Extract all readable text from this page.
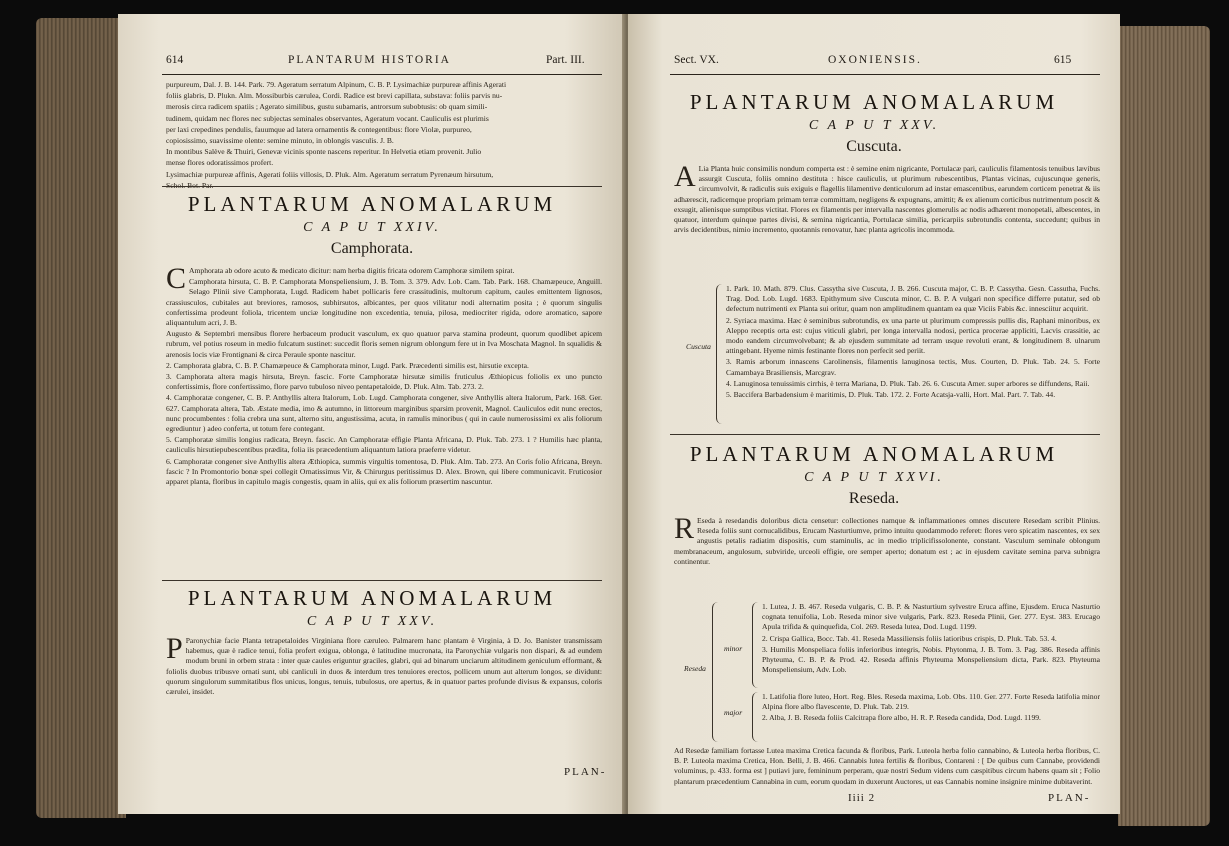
614	PLANTARUM HISTORIA	Part. III.

purpureum, Dal. J. B. 144. Park. 79. Ageratum serratum Alpinum, C. B. P. Lysimachiæ purpureæ affinis Agerati

foliis glabris, D. Plukn. Alm. Mossiburbis cærulea, Cordi. Radice est brevi capillata, substava: foliis parvis nu-

merosis circa radicem spatiis ; Agerato similibus, gustu subamaris, antrorsum subobtusis: ob quam simili-

tudinem, quidam nec flores nec subjectas seminales observantes, Ageratum vocant. Cauliculis est plurimis

per laxi crepedines pendulis, fauumque ad latera ornamentis & contegentibus: flore Violæ, purpureo,

copiosissimo, suavissime olente: semine minuto, in oblongis vasculis. J. B.

In montibus Salève & Thuiri, Genevæ vicinis sponte nascens reperitur. In Helvetia etiam provenit. Julio

mense flores odoratissimos profert.

Lysimachiæ purpureæ affinis, Agerati foliis villosis, D. Pluk. Alm. Ageratum serratum Pyrenæum hirsutum,

Schol. Bot. Par.

PLANTARUM ANOMALARUM
C A P U T XXIV.
Camphorata.

C Amphorata ab odore acuto & medicato dicitur: nam herba digitis fricata odorem Camphoræ similem spirat.

Camphorata hirsuta, C. B. P. Camphorata Monspeliensium, J. B. Tom. 3. 379. Adv. Lob. Cam. Tab. Park. 168. Chamæpeuce, Anguill. Selago Plinii sive Camphorata, Lugd. Radicem habet pollicaris fere crassitudinis, multorum capitum, caules emittentem lignosos, crassiusculos, cubitales aut breviores, ramosos, subhirsutos, albicantes, per quos vilitatur nodi alternatim posita ; è quorum singulis confertissima prodeunt foliola, tricentem unciæ longitudine non excedentia, tenuia, pilosa, mediocriter rigida, odore aromatico, sapore aliquantulum acri, J. B.

Augusto & Septembri mensibus florere herbaceum producit vasculum, ex quo quatuor parva stamina prodeunt, quorum quodlibet apicem rubrum, vel potius roseum in medio fulcatum sustinet: succedit floris semen nigrum oblongum fere ut in Iva Moschata Magnol. In squalidis & arenosis locis viæ Frontignani & circa Peraule sponte nascitur.

2. Camphorata glabra, C. B. P. Chamæpeuce & Camphorata minor, Lugd. Park. Præcedenti similis est, hirsutie excepta.

3. Camphorata altera magis hirsuta, Breyn. fascic. Forte Camphoratæ hirsutæ similis fruticulus Æthiopicus foliolis ex uno puncto confertissimis, flore confertissimo, flore parvo tubuloso niveo pentapetaloide, D. Pluk. Alm. Tab. 273. 2.

4. Camphoratæ congener, C. B. P. Anthyllis altera Italorum, Lob. Lugd. Camphorata congener, sive Anthyllis altera Italorum, Park. 168. Ger. 627. Camphorata altera, Tab. Æstate media, imo & autumno, in littoreum marginibus sparsim provenit, Magnol. Cauliculos edit nunc erectos, nunc procumbentes : folia crebra una sunt, alterno situ, angustissima, acuta, in ramulis minoribus ( qui in caule numerosissimi ex alis foliorum egrediuntur ) adeo conferta, ut totum fere contegant.

5. Camphoratæ similis longius radicata, Breyn. fascic. An Camphoratæ effigie Planta Africana, D. Pluk. Tab. 273. 1 ? Humilis hæc planta, cauliculis hirsutiepubescentibus prædita, folia iis præcedentium aliquantum latiora praeferre videtur.

6. Camphoratæ congener sive Anthyllis altera Æthiopica, summis virgultis tomentosa, D. Pluk. Alm. Tab. 273. An Coris folio Africana, Breyn. fascic ? In Promontorio bonæ spei collegit Ornatissimus Vir, & Chirurgus peritissimus D. Alex. Brown, qui libere communicavit. Fruticosior apparet planta, floribus in capitulo magis congestis, quam in aliis, qui ex alis foliorum præsertim nascuntur.

PLANTARUM ANOMALARUM
C A P U T XXV.

P Paronychiæ facie Planta tetrapetaloides Virginiana flore cæruleo. Palmarem hanc plantam è Virginia, à D. Jo. Banister transmissam habemus, quæ è radice tenui, folia profert exigua, oblonga, è latitudine mucronata, ita Paronychiæ vulgaris non dispari, & ad eundem modum bruni in orbem strata : inter quæ caules eriguntur graciles, glabri, qui ad binarum unciarum altitudinem geniculum efformant, & foliolis duobus tribusve ornati sunt, ubi canliculi in duos & interdum tres tenuiores erectos, pollicem unum aut alterum longos, se dividunt: quorum singulorum summitatibus flos unicus, longus, tenuis, tubulosus, ore apertus, & in quatuor partes profunde divisus & expansus, coloris cærulei, insidet.

PLAN-
Sect. VX.	OXONIENSIS.	615
PLANTARUM ANOMALARUM
C A P U T XXV.
Cuscuta.

A Lia Planta huic consimilis nondum comperta est : è semine enim nigricante, Portulacæ pari, cauliculis filamentosis tenuibus lævibus assurgit Cuscuta, foliis omnino destituta : hisce cauliculis, ut plurimum rubescentibus, Plantas vicinas, cujuscunque generis, circumvolvit, & radiculis suis exiguis e flagellis lilamentive denticulorum ad instar emascentibus, earundem corticem penetrat & iis adhærescit, radicemque propriam primam terræ committam, negligens & expugnans, amittit; & ex alienum corticibus nutrimentum poscit & exsugit, alienisque sumptibus victitat. Flores ex filamentis per intervalla nascentes glomerulis ac nodis adhærent monopetali, albescentes, in quatuor, interdum quinque partes divisi, & semina nigricantia, Portulacæ similia, pericarpiis subrotundis contenta, succedunt; quibus in arvis decidentibus, nimio incremento, quotannis renovatur, hæc planta agricolis incommoda.

Cuscuta

1. Park. 10. Math. 879. Clus. Cassytha sive Cuscuta, J. B. 266. Cuscuta major, C. B. P. Cassytha. Gesn. Cassutha, Fuchs. Trag. Dod. Lob. Lugd. 1683. Epithymum sive Cuscuta minor, C. B. P. A vulgari non specifice differre putatur, sed ob defectum nutrimenti ex Planta sui oritur, quam non amplitudinem quantam ea quæ Viciis Fabis &c. innesciitur acquirit.

2. Syriaca maxima. Hæc è seminibus subrotundis, ex una parte ut plurimum compressis pullis dis, Raphani minoribus, ex Aleppo receptis orta est: cujus viticuli glabri, per longa intervalla nodosi, pertica procerae appliciti, Lacvis crassitie, ac modo eandem circumvolvebant; & ab ejusdem summitate ad terram usque revoluti erant, & longitudinem 8. ulnarum attingebant. Hyeme nimis festinante flores non perfecit sed periit.

3. Ramis arborum innascens Carolinensis, filamentis lanuginosa tectis, Mus. Courten, D. Pluk. Tab. 24. 5. Forte Camambaya Brasiliensis, Marcgrav.

4. Lanuginosa tenuissimis cirrhis, è terra Mariana, D. Pluk. Tab. 26. 6. Cuscuta Amer. super arbores se diffundens, Raii.

5. Baccifera Barbadensium è maritimis, D. Pluk. Tab. 172. 2. Forte Acatsja-valli, Hort. Mal. Part. 7. Tab. 44.

PLANTARUM ANOMALARUM
C A P U T XXVI.
Reseda.

R Eseda à resedandis doloribus dicta censetur: collectiones namque & inflammationes omnes discutere Resedam scribit Plinius. Reseda foliis sunt cornucalidibus, Erucam Nasturtiumve, primo intuitu quodammodo referet: flores vero spicatim nascentes, ex sex angustis petalis radiatim dispositis, cum staminulis, ac in medio triplicifissolonente, constant. Vasculum seminale oblongum membranaceum, angulosum, subviride, urceoli effigie, ore semper aperto; donatum est ; ac in ejusdem cavitate semina parva subnigra continentur.

Reseda
minor

1. Lutea, J. B. 467. Reseda vulgaris, C. B. P. & Nasturtium sylvestre Eruca affine, Ejusdem. Eruca Nasturtio cognata tenuifolia, Lob. Reseda minor sive vulgaris, Park. 823. Reseda Plinii, Ger. 277. Eyst. 383. Erucago Apula trifida & quinquefida, Col. 269. Reseda lutea, Dod. Lugd. 1199.

2. Crispa Gallica, Bocc. Tab. 41. Reseda Massiliensis foliis latioribus crispis, D. Pluk. Tab. 53. 4.

3. Humilis Monspeliaca foliis inferioribus integris, Nobis. Phytonma, J. B. Tom. 3. Pag. 386. Reseda affinis Phyteuma, C. B. P. & Prod. 42. Reseda affinis Phyteuma Monspeliensium dicta, Park. 823. Phyteuma Monspeliensium, Adv. Lob.

major

1. Latifolia flore luteo, Hort. Reg. Bles. Reseda maxima, Lob. Obs. 110. Ger. 277. Forte Reseda latifolia minor Alpina flore albo flavescente, D. Pluk. Tab. 219.

2. Alba, J. B. Reseda foliis Calcitrapa flore albo, H. R. P. Reseda candida, Dod. Lugd. 1199.

Ad Resedæ familiam fortasse Lutea maxima Cretica facunda & floribus, Park. Luteola herba folio cannabino, & Luteola herba floribus, C. B. P. Luteola maxima Cretica, Hon. Belli, J. B. 466. Cannabis lutea fertilis & floribus, Contareni : [ De quibus cum Cannabe, providendi voluminus, p. 433. forma est ] putiavi jure, femininum perperam, quæ nostri Sedum videns cum cæspitibus circum habens quam sit ; Folio plantarum præcedentium Cannabina in cum, eorum quodam in duxerunt Auctores, ut eas Cannabis nomine insignire minime dubitaverint.
Iiii 2	PLAN-
